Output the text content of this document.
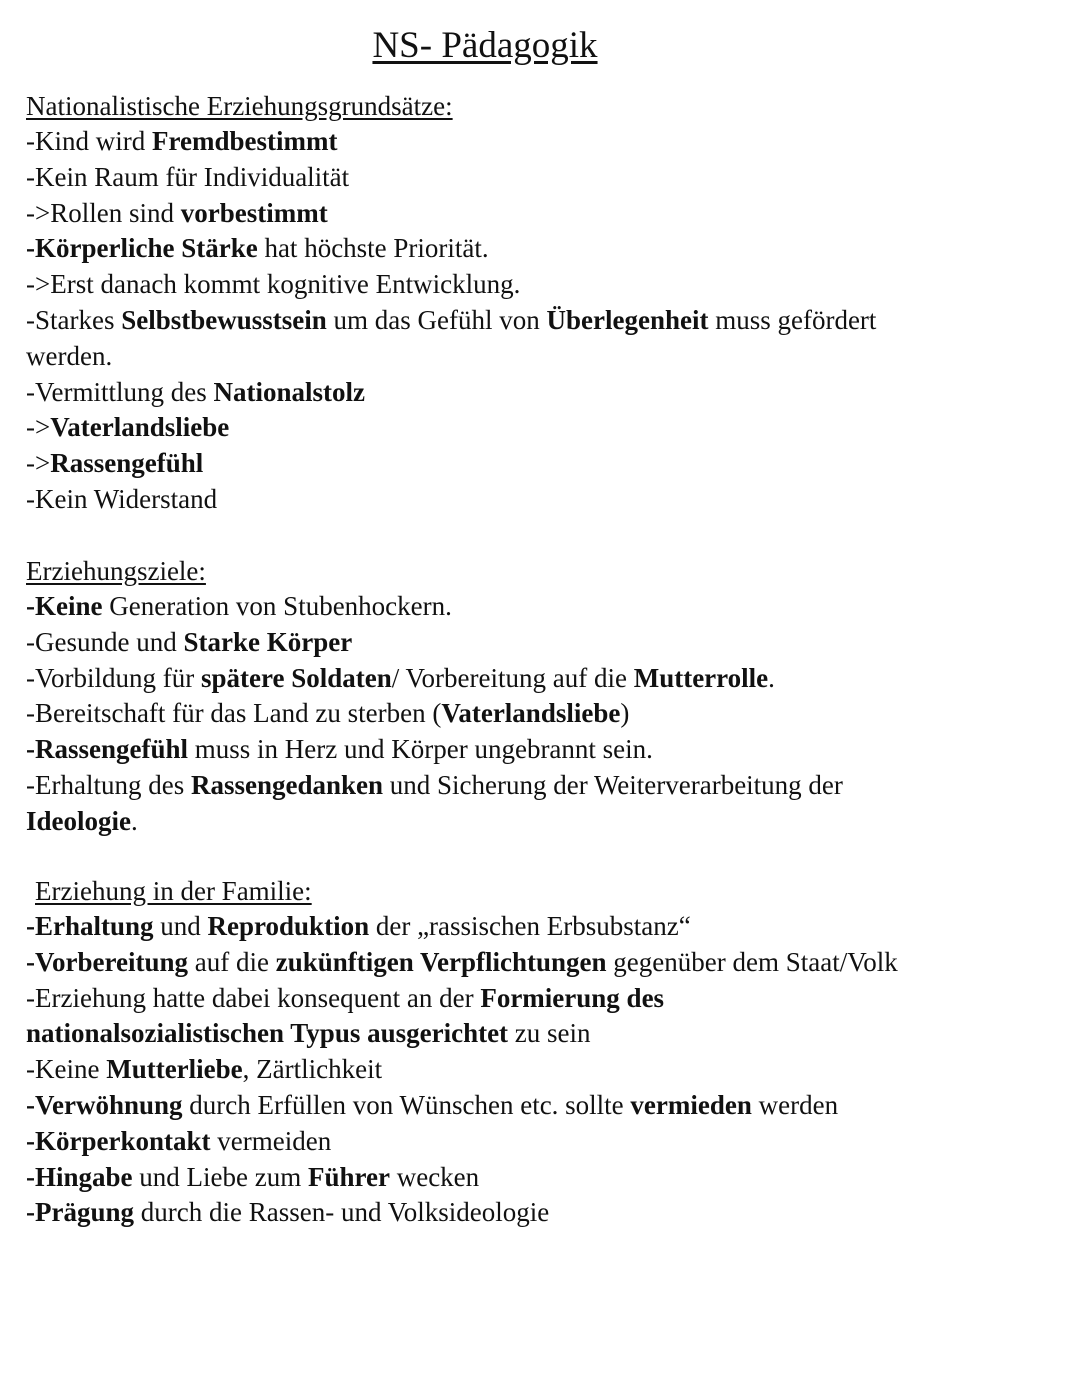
NS- Pädagogik
Nationalistische Erziehungsgrundsätze:
-Kind wird Fremdbestimmt
-Kein Raum für Individualität
->Rollen sind vorbestimmt
-Körperliche Stärke hat höchste Priorität.
->Erst danach kommt kognitive Entwicklung.
-Starkes Selbstbewusstsein um das Gefühl von Überlegenheit muss gefördert
werden.
-Vermittlung des Nationalstolz
->Vaterlandsliebe
->Rassengefühl
-Kein Widerstand
Erziehungsziele:
-Keine Generation von Stubenhockern.
-Gesunde und Starke Körper
-Vorbildung für spätere Soldaten/ Vorbereitung auf die Mutterrolle.
-Bereitschaft für das Land zu sterben (Vaterlandsliebe)
-Rassengefühl muss in Herz und Körper ungebrannt sein.
-Erhaltung des Rassengedanken und Sicherung der Weiterverarbeitung der
Ideologie.
Erziehung in der Familie:
-Erhaltung und Reproduktion der „rassischen Erbsubstanz“
-Vorbereitung auf die zukünftigen Verpflichtungen gegenüber dem Staat/Volk
-Erziehung hatte dabei konsequent an der Formierung des
nationalsozialistischen Typus ausgerichtet zu sein
-Keine Mutterliebe, Zärtlichkeit
-Verwöhnung durch Erfüllen von Wünschen etc. sollte vermieden werden
-Körperkontakt vermeiden
-Hingabe und Liebe zum Führer wecken
-Prägung durch die Rassen- und Volksideologie
